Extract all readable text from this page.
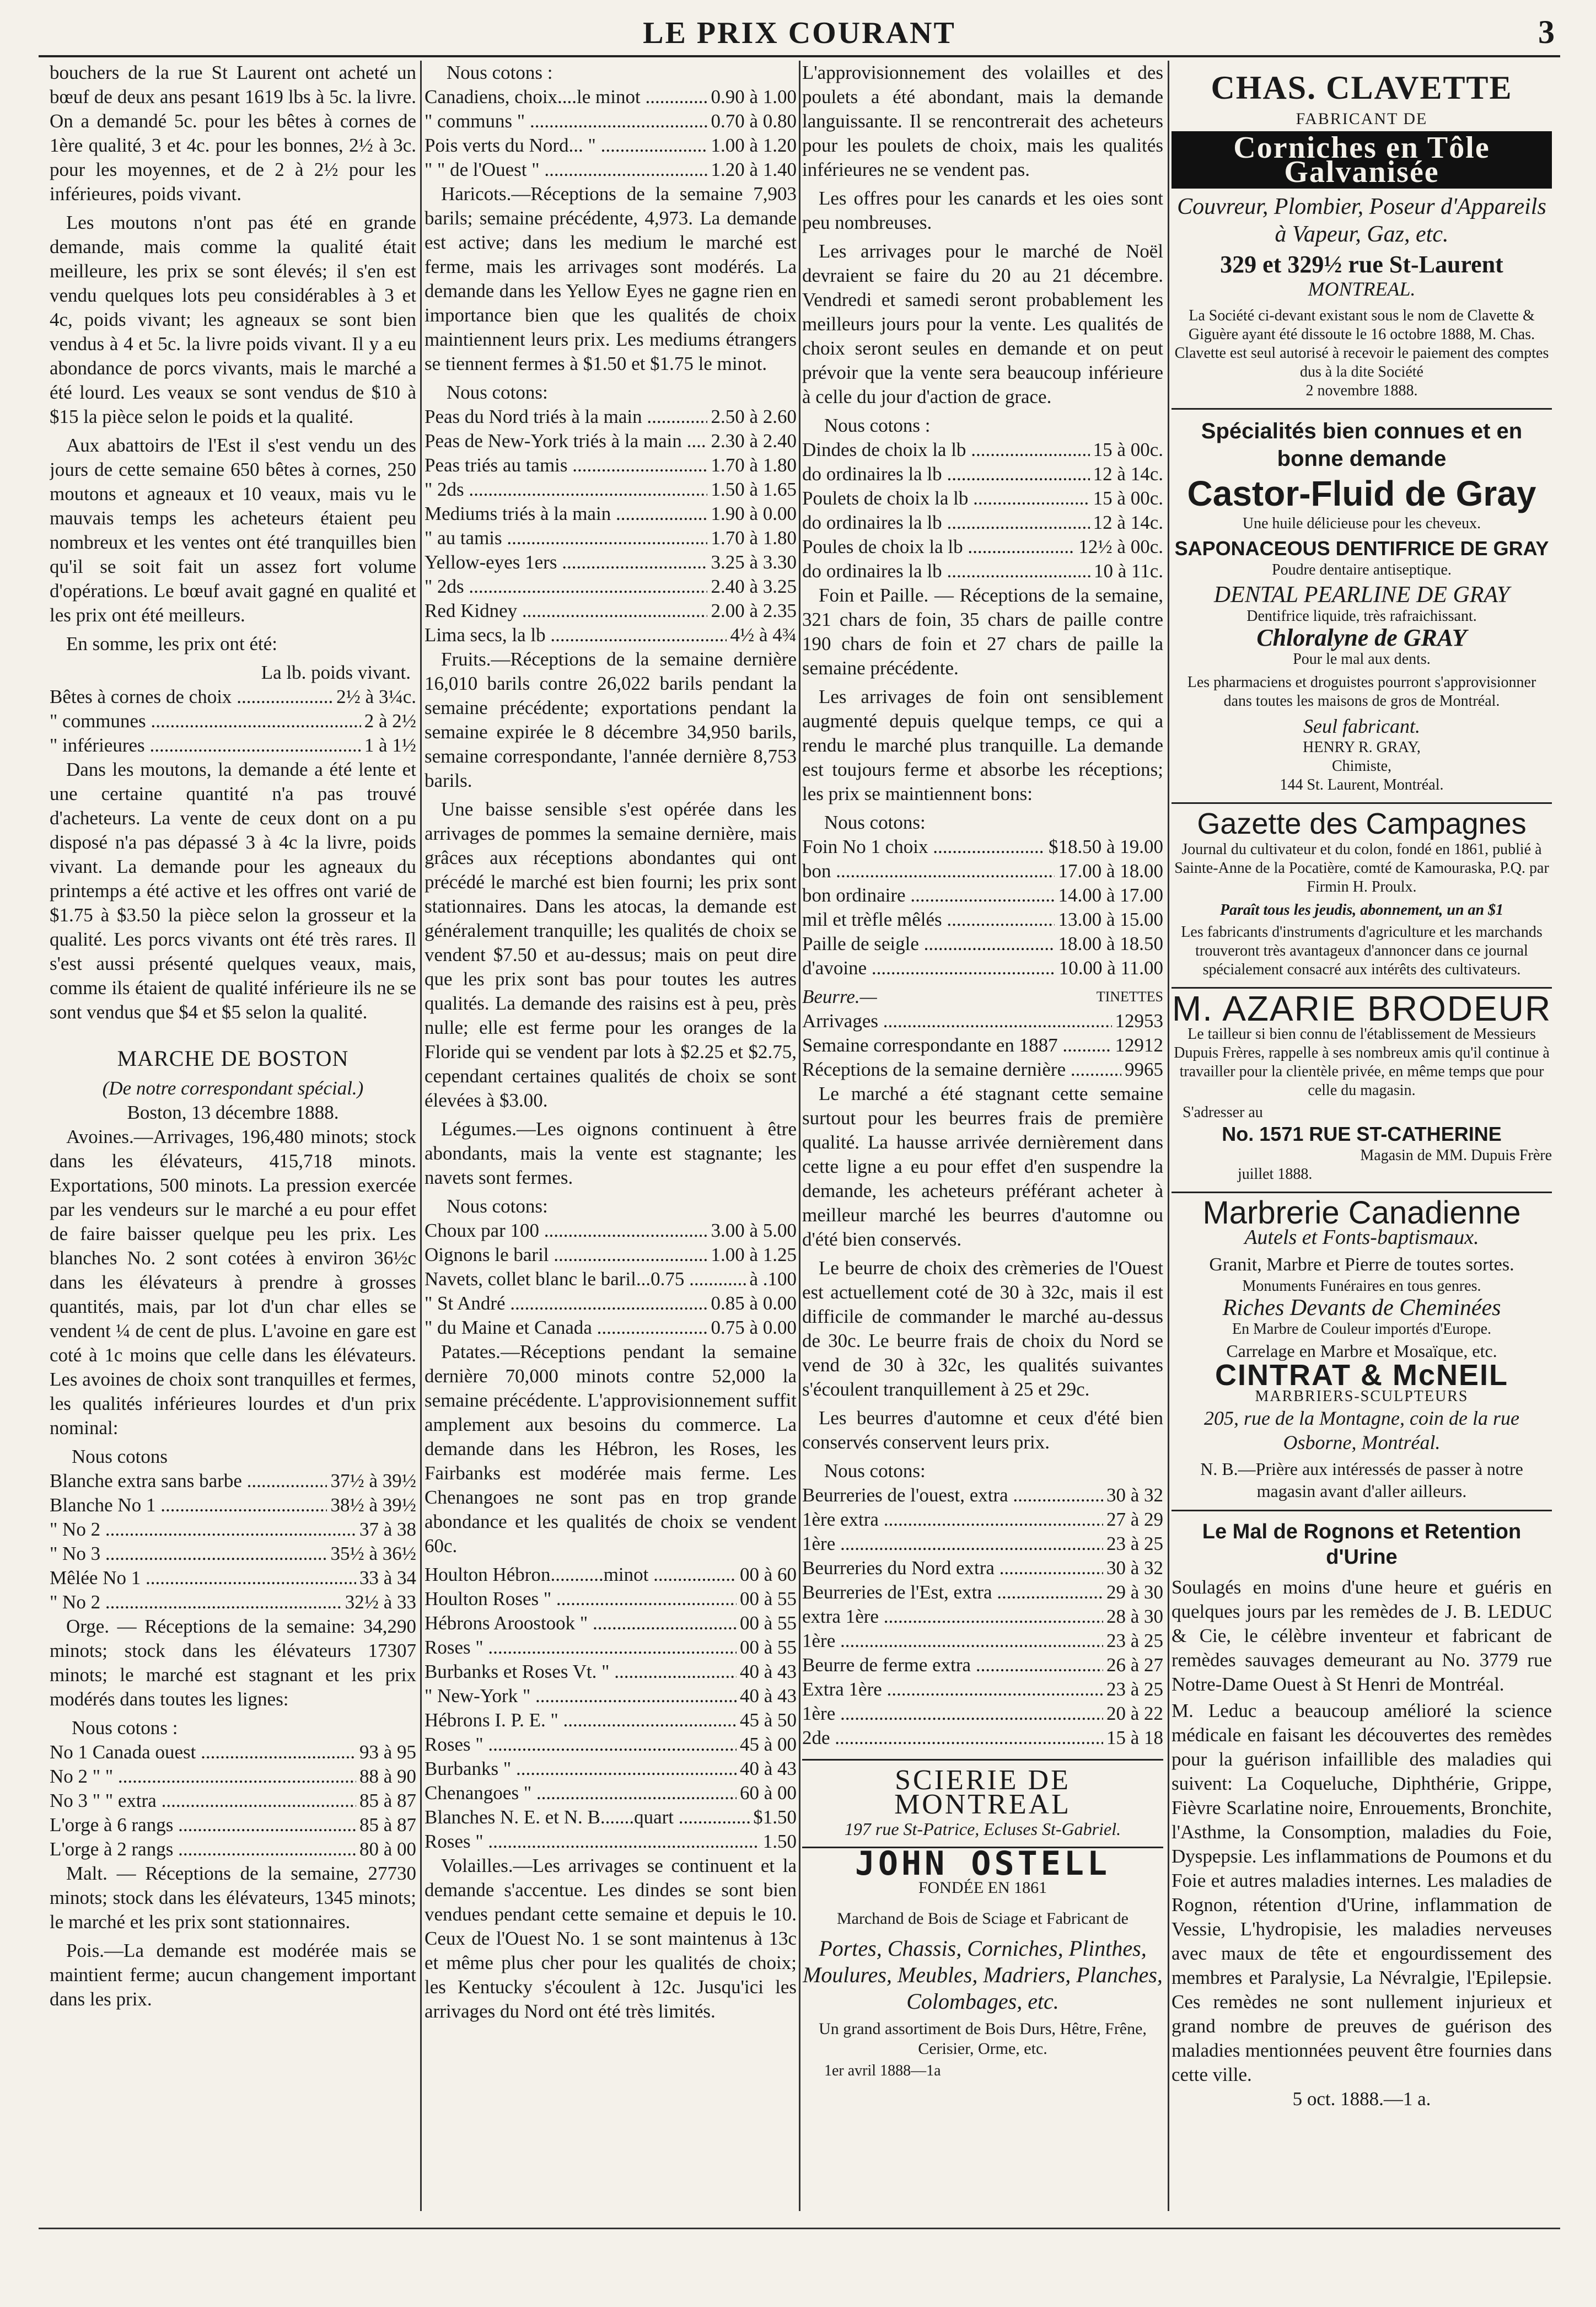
LE PRIX COURANT	3

bouchers de la rue St Laurent ont acheté un bœuf de deux ans pesant 1619 lbs à 5c. la livre. On a demandé 5c. pour les bêtes à cornes de 1ère qualité, 3 et 4c. pour les bonnes, 2½ à 3c. pour les moyennes, et de 2 à 2½ pour les inférieures, poids vivant.

Les moutons n'ont pas été en grande demande, mais comme la qualité était meilleure, les prix se sont élevés; il s'en est vendu quelques lots peu considérables à 3 et 4c, poids vivant; les agneaux se sont bien vendus à 4 et 5c. la livre poids vivant. Il y a eu abondance de porcs vivants, mais le marché a été lourd. Les veaux se sont vendus de $10 à $15 la pièce selon le poids et la qualité.

Aux abattoirs de l'Est il s'est vendu un des jours de cette semaine 650 bêtes à cornes, 250 moutons et agneaux et 10 veaux, mais vu le mauvais temps les acheteurs étaient peu nombreux et les ventes ont été tranquilles bien qu'il se soit fait un assez fort volume d'opérations. Le bœuf avait gagné en qualité et les prix ont été meilleurs.

En somme, les prix ont été:

La lb. poids vivant.
Bêtes à cornes de choix .....	2½ à 3¼c.
" communes .....	2 à 2½
" inférieures .....	1 à 1½

Dans les moutons, la demande a été lente et une certaine quantité n'a pas trouvé d'acheteurs. La vente de ceux dont on a pu disposé n'a pas dépassé 3 à 4c la livre, poids vivant. La demande pour les agneaux du printemps a été active et les offres ont varié de $1.75 à $3.50 la pièce selon la grosseur et la qualité. Les porcs vivants ont été très rares. Il s'est aussi présenté quelques veaux, mais, comme ils étaient de qualité inférieure ils ne se sont vendus que $4 et $5 selon la qualité.

MARCHE DE BOSTON
(De notre correspondant spécial.)
Boston, 13 décembre 1888.

Avoines.—Arrivages, 196,480 minots; stock dans les élévateurs, 415,718 minots. Exportations, 500 minots. La pression exercée par les vendeurs sur le marché a eu pour effet de faire baisser quelque peu les prix. Les blanches No. 2 sont cotées à environ 36½c dans les élévateurs à prendre à grosses quantités, mais, par lot d'un char elles se vendent ¼ de cent de plus. L'avoine en gare est coté à 1c moins que celle dans les élévateurs. Les avoines de choix sont tranquilles et fermes, les qualités inférieures lourdes et d'un prix nominal:

Nous cotons
Blanche extra sans barbe .....	37½ à 39½
Blanche No 1 .....	38½ à 39½
" No 2 .....	37 à 38
" No 3 .....	35½ à 36½
Mêlée No 1 .....	33 à 34
" No 2 .....	32½ à 33

Orge. — Réceptions de la semaine: 34,290 minots; stock dans les élévateurs 17307 minots; le marché est stagnant et les prix modérés dans toutes les lignes:

Nous cotons :
No 1 Canada ouest .....	93 à 95
No 2 " " .....	88 à 90
No 3 " " extra .....	85 à 87
L'orge à 6 rangs .....	85 à 87
L'orge à 2 rangs .....	80 à 00

Malt. — Réceptions de la semaine, 27730 minots; stock dans les élévateurs, 1345 minots; le marché et les prix sont stationnaires.

Pois.—La demande est modérée mais se maintient ferme; aucun changement important dans les prix.

Nous cotons :
Canadiens, choix....le minot .....	0.90 à 1.00
" communs " .....	0.70 à 0.80
Pois verts du Nord... " .....	1.00 à 1.20
" " de l'Ouest " .....	1.20 à 1.40

Haricots.—Réceptions de la semaine 7,903 barils; semaine précédente, 4,973. La demande est active; dans les medium le marché est ferme, mais les arrivages sont modérés. La demande dans les Yellow Eyes ne gagne rien en importance bien que les qualités de choix maintiennent leurs prix. Les mediums étrangers se tiennent fermes à $1.50 et $1.75 le minot.

Nous cotons:
Peas du Nord triés à la main .....	2.50 à 2.60
Peas de New-York triés à la main .....	2.30 à 2.40
Peas triés au tamis .....	1.70 à 1.80
" 2ds .....	1.50 à 1.65
Mediums triés à la main .....	1.90 à 0.00
" au tamis .....	1.70 à 1.80
Yellow-eyes 1ers .....	3.25 à 3.30
" 2ds .....	2.40 à 3.25
Red Kidney .....	2.00 à 2.35
Lima secs, la lb .....	4½ à 4¾

Fruits.—Réceptions de la semaine dernière 16,010 barils contre 26,022 barils pendant la semaine précédente; exportations pendant la semaine expirée le 8 décembre 34,950 barils, semaine correspondante, l'année dernière 8,753 barils.

Une baisse sensible s'est opérée dans les arrivages de pommes la semaine dernière, mais grâces aux réceptions abondantes qui ont précédé le marché est bien fourni; les prix sont stationnaires. Dans les atocas, la demande est généralement tranquille; les qualités de choix se vendent $7.50 et au-dessus; mais on peut dire que les prix sont bas pour toutes les autres qualités. La demande des raisins est à peu, près nulle; elle est ferme pour les oranges de la Floride qui se vendent par lots à $2.25 et $2.75, cependant certaines qualités de choix se sont élevées à $3.00.

Légumes.—Les oignons continuent à être abondants, mais la vente est stagnante; les navets sont fermes.

Nous cotons:
Choux par 100 .....	3.00 à 5.00
Oignons le baril .....	1.00 à 1.25
Navets, collet blanc le baril...0.75 .....	à .100
" St André .....	0.85 à 0.00
" du Maine et Canada .....	0.75 à 0.00

Patates.—Réceptions pendant la semaine dernière 70,000 minots contre 52,000 la semaine précédente. L'approvisionnement suffit amplement aux besoins du commerce. La demande dans les Hébron, les Roses, les Fairbanks est modérée mais ferme. Les Chenangoes ne sont pas en trop grande abondance et les qualités de choix se vendent 60c.

Houlton Hébron...........minot .....	00 à 60
Houlton Roses " .....	00 à 55
Hébrons Aroostook " .....	00 à 55
Roses " .....	00 à 55
Burbanks et Roses Vt. " .....	40 à 43
" New-York " .....	40 à 43
Hébrons I. P. E. " .....	45 à 50
Roses " .....	45 à 00
Burbanks " .....	40 à 43
Chenangoes " .....	60 à 00
Blanches N. E. et N. B.......quart .....	$1.50
Roses " .....	1.50

Volailles.—Les arrivages se continuent et la demande s'accentue. Les dindes se sont bien vendues pendant cette semaine et depuis le 10. Ceux de l'Ouest No. 1 se sont maintenus à 13c et même plus cher pour les qualités de choix; les Kentucky s'écoulent à 12c. Jusqu'ici les arrivages du Nord ont été très limités.

L'approvisionnement des volailles et des poulets a été abondant, mais la demande languissante. Il se rencontrerait des acheteurs pour les poulets de choix, mais les qualités inférieures ne se vendent pas.

Les offres pour les canards et les oies sont peu nombreuses.

Les arrivages pour le marché de Noël devraient se faire du 20 au 21 décembre. Vendredi et samedi seront probablement les meilleurs jours pour la vente. Les qualités de choix seront seules en demande et on peut prévoir que la vente sera beaucoup inférieure à celle du jour d'action de grace.

Nous cotons :
Dindes de choix la lb .....	15 à 00c.
do ordinaires la lb .....	12 à 14c.
Poulets de choix la lb .....	15 à 00c.
do ordinaires la lb .....	12 à 14c.
Poules de choix la lb .....	12½ à 00c.
do ordinaires la lb .....	10 à 11c.

Foin et Paille. — Réceptions de la semaine, 321 chars de foin, 35 chars de paille contre 190 chars de foin et 27 chars de paille la semaine précédente.

Les arrivages de foin ont sensiblement augmenté depuis quelque temps, ce qui a rendu le marché plus tranquille. La demande est toujours ferme et absorbe les réceptions; les prix se maintiennent bons:

Nous cotons:
Foin No 1 choix .....	$18.50 à 19.00
bon .....	17.00 à 18.00
bon ordinaire .....	14.00 à 17.00
mil et trèfle mêlés .....	13.00 à 15.00
Paille de seigle .....	18.00 à 18.50
d'avoine .....	10.00 à 11.00
Beurre.—	TINETTES
Arrivages .....	12953
Semaine correspondante en 1887 .....	12912
Réceptions de la semaine dernière .....	9965

Le marché a été stagnant cette semaine surtout pour les beurres frais de première qualité. La hausse arrivée dernièrement dans cette ligne a eu pour effet d'en suspendre la demande, les acheteurs préférant acheter à meilleur marché les beurres d'automne ou d'été bien conservés.

Le beurre de choix des crèmeries de l'Ouest est actuellement coté de 30 à 32c, mais il est difficile de commander le marché au-dessus de 30c. Le beurre frais de choix du Nord se vend de 30 à 32c, les qualités suivantes s'écoulent tranquillement à 25 et 29c.

Les beurres d'automne et ceux d'été bien conservés conservent leurs prix.

Nous cotons:
Beurreries de l'ouest, extra .....	30 à 32
1ère extra .....	27 à 29
1ère .....	23 à 25
Beurreries du Nord extra .....	30 à 32
Beurreries de l'Est, extra .....	29 à 30
extra 1ère .....	28 à 30
1ère .....	23 à 25
Beurre de ferme extra .....	26 à 27
Extra 1ère .....	23 à 25
1ère .....	20 à 22
2de .....	15 à 18
SCIERIE DE MONTREAL
197 rue St-Patrice, Ecluses St-Gabriel.
JOHN OSTELL
FONDÉE EN 1861
Marchand de Bois de Sciage et Fabricant de
Portes, Chassis, Corniches, Plinthes, Moulures, Meubles, Madriers, Planches, Colombages, etc.
Un grand assortiment de Bois Durs, Hêtre, Frêne, Cerisier, Orme, etc.
1er avril 1888—1a
CHAS. CLAVETTE
FABRICANT DE
Corniches en Tôle Galvanisée
Couvreur, Plombier, Poseur d'Appareils à Vapeur, Gaz, etc.
329 et 329½ rue St-Laurent
MONTREAL.
La Société ci-devant existant sous le nom de Clavette & Giguère ayant été dissoute le 16 octobre 1888, M. Chas. Clavette est seul autorisé à recevoir le paiement des comptes dus à la dite Société
2 novembre 1888.
Spécialités bien connues et en bonne demande
Castor-Fluid de Gray
Une huile délicieuse pour les cheveux.
SAPONACEOUS DENTIFRICE DE GRAY
Poudre dentaire antiseptique.
DENTAL PEARLINE DE GRAY
Dentifrice liquide, très rafraichissant.
Chloralyne de GRAY
Pour le mal aux dents.
Les pharmaciens et droguistes pourront s'approvisionner dans toutes les maisons de gros de Montréal.
Seul fabricant.
HENRY R. GRAY,
Chimiste,
144 St. Laurent, Montréal.
Gazette des Campagnes
Journal du cultivateur et du colon, fondé en 1861, publié à Sainte-Anne de la Pocatière, comté de Kamouraska, P.Q. par Firmin H. Proulx.
Paraît tous les jeudis, abonnement, un an $1
Les fabricants d'instruments d'agriculture et les marchands trouveront très avantageux d'annoncer dans ce journal spécialement consacré aux intérêts des cultivateurs.
M. AZARIE BRODEUR
Le tailleur si bien connu de l'établissement de Messieurs Dupuis Frères, rappelle à ses nombreux amis qu'il continue à travailler pour la clientèle privée, en même temps que pour celle du magasin.
S'adresser au
No. 1571 RUE ST-CATHERINE
Magasin de MM. Dupuis Frère
juillet 1888.
Marbrerie Canadienne
Autels et Fonts-baptismaux.
Granit, Marbre et Pierre de toutes sortes.
Monuments Funéraires en tous genres.
Riches Devants de Cheminées
En Marbre de Couleur importés d'Europe.
Carrelage en Marbre et Mosaïque, etc.
CINTRAT & McNEIL
MARBRIERS-SCULPTEURS
205, rue de la Montagne, coin de la rue Osborne, Montréal.
N. B.—Prière aux intéressés de passer à notre magasin avant d'aller ailleurs.
Le Mal de Rognons et Retention d'Urine
Soulagés en moins d'une heure et guéris en quelques jours par les remèdes de J. B. LEDUC & Cie, le célèbre inventeur et fabricant de remèdes sauvages demeurant au No. 3779 rue Notre-Dame Ouest à St Henri de Montréal.
M. Leduc a beaucoup amélioré la science médicale en faisant les découvertes des remèdes pour la guérison infaillible des maladies qui suivent: La Coqueluche, Diphthérie, Grippe, Fièvre Scarlatine noire, Enrouements, Bronchite, l'Asthme, la Consomption, maladies du Foie, Dyspepsie. Les inflammations de Poumons et du Foie et autres maladies internes. Les maladies de Rognon, rétention d'Urine, inflammation de Vessie, L'hydropisie, les maladies nerveuses avec maux de tête et engourdissement des membres et Paralysie, La Névralgie, l'Epilepsie. Ces remèdes ne sont nullement injurieux et grand nombre de preuves de guérison des maladies mentionnées peuvent être fournies dans cette ville.
5 oct. 1888.—1 a.
